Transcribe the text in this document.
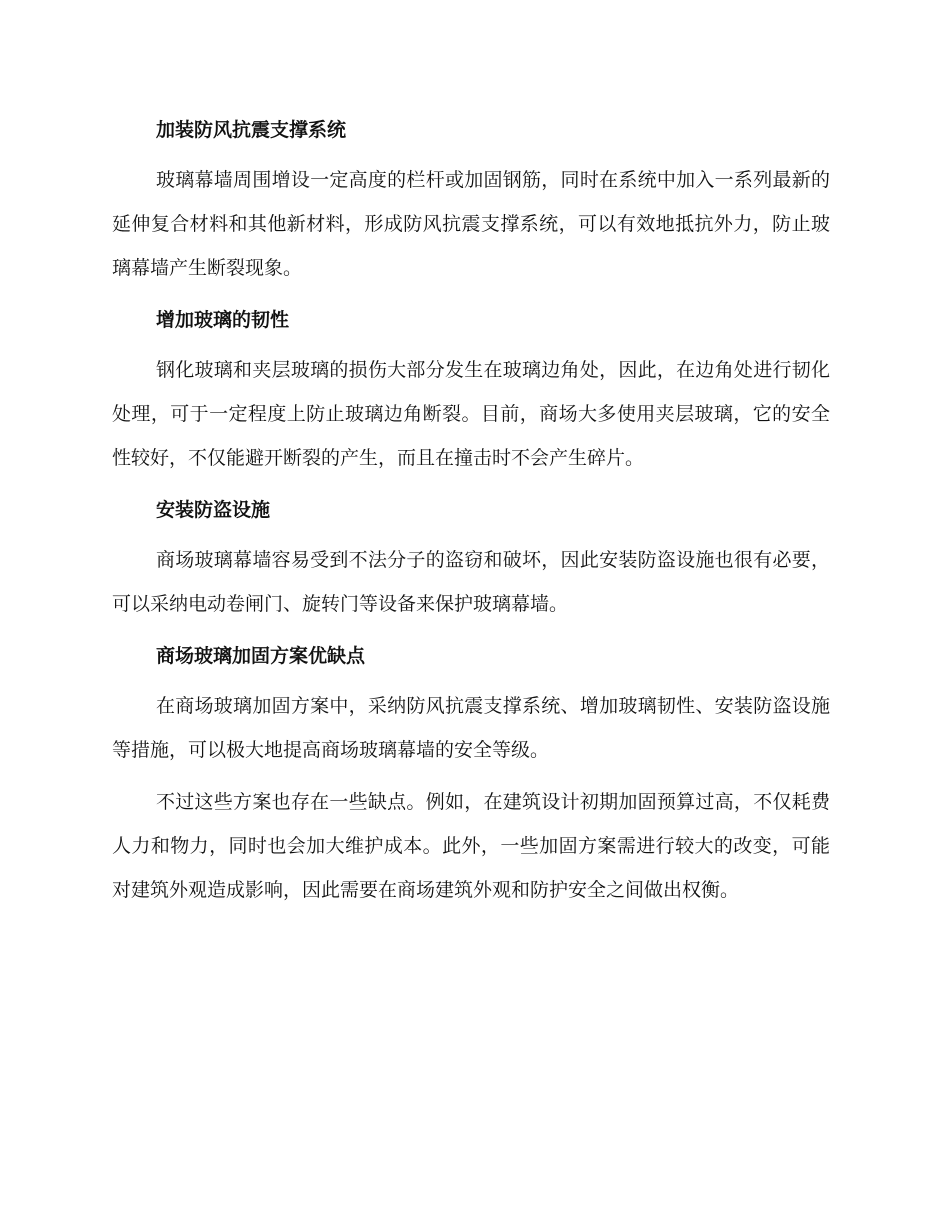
加装防风抗震支撑系统

玻璃幕墙周围增设一定高度的栏杆或加固钢筋，同时在系统中加入一系列最新的延伸复合材料和其他新材料，形成防风抗震支撑系统，可以有效地抵抗外力，防止玻璃幕墙产生断裂现象。

增加玻璃的韧性

钢化玻璃和夹层玻璃的损伤大部分发生在玻璃边角处，因此，在边角处进行韧化处理，可于一定程度上防止玻璃边角断裂。目前，商场大多使用夹层玻璃，它的安全性较好，不仅能避开断裂的产生，而且在撞击时不会产生碎片。

安装防盗设施

商场玻璃幕墙容易受到不法分子的盗窃和破坏，因此安装防盗设施也很有必要，可以采纳电动卷闸门、旋转门等设备来保护玻璃幕墙。

商场玻璃加固方案优缺点

在商场玻璃加固方案中，采纳防风抗震支撑系统、增加玻璃韧性、安装防盗设施等措施，可以极大地提高商场玻璃幕墙的安全等级。

不过这些方案也存在一些缺点。例如，在建筑设计初期加固预算过高，不仅耗费人力和物力，同时也会加大维护成本。此外，一些加固方案需进行较大的改变，可能对建筑外观造成影响，因此需要在商场建筑外观和防护安全之间做出权衡。
